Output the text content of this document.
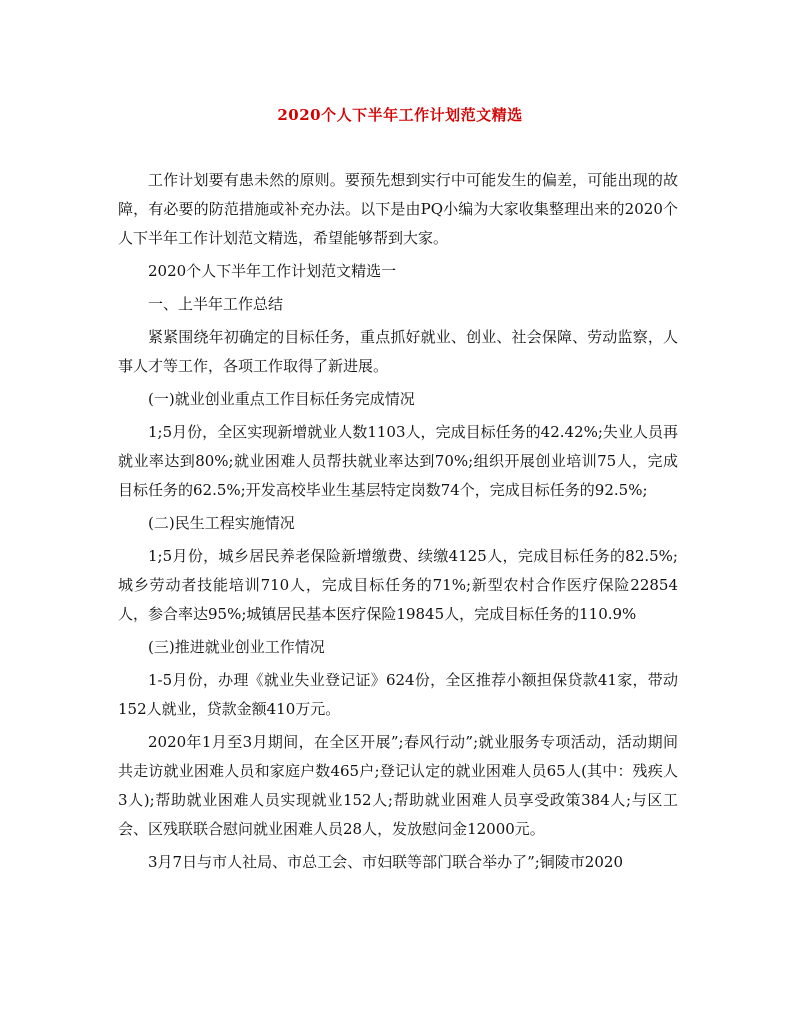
2020个人下半年工作计划范文精选

工作计划要有患未然的原则。要预先想到实行中可能发生的偏差，可能出现的故障，有必要的防范措施或补充办法。以下是由PQ小编为大家收集整理出来的2020个人下半年工作计划范文精选，希望能够帮到大家。

2020个人下半年工作计划范文精选一

一、上半年工作总结

紧紧围绕年初确定的目标任务，重点抓好就业、创业、社会保障、劳动监察，人事人才等工作，各项工作取得了新进展。

(一)就业创业重点工作目标任务完成情况

1;5月份，全区实现新增就业人数1103人，完成目标任务的42.42%;失业人员再就业率达到80%;就业困难人员帮扶就业率达到70%;组织开展创业培训75人，完成目标任务的62.5%;开发高校毕业生基层特定岗数74个，完成目标任务的92.5%;

(二)民生工程实施情况

1;5月份，城乡居民养老保险新增缴费、续缴4125人，完成目标任务的82.5%;城乡劳动者技能培训710人，完成目标任务的71%;新型农村合作医疗保险22854人，参合率达95%;城镇居民基本医疗保险19845人，完成目标任务的110.9%

(三)推进就业创业工作情况

1-5月份，办理《就业失业登记证》624份，全区推荐小额担保贷款41家，带动152人就业，贷款金额410万元。

2020年1月至3月期间，在全区开展”;春风行动”;就业服务专项活动，活动期间共走访就业困难人员和家庭户数465户;登记认定的就业困难人员65人(其中：残疾人3人);帮助就业困难人员实现就业152人;帮助就业困难人员享受政策384人;与区工会、区残联联合慰问就业困难人员28人，发放慰问金12000元。

3月7日与市人社局、市总工会、市妇联等部门联合举办了”;铜陵市2020
